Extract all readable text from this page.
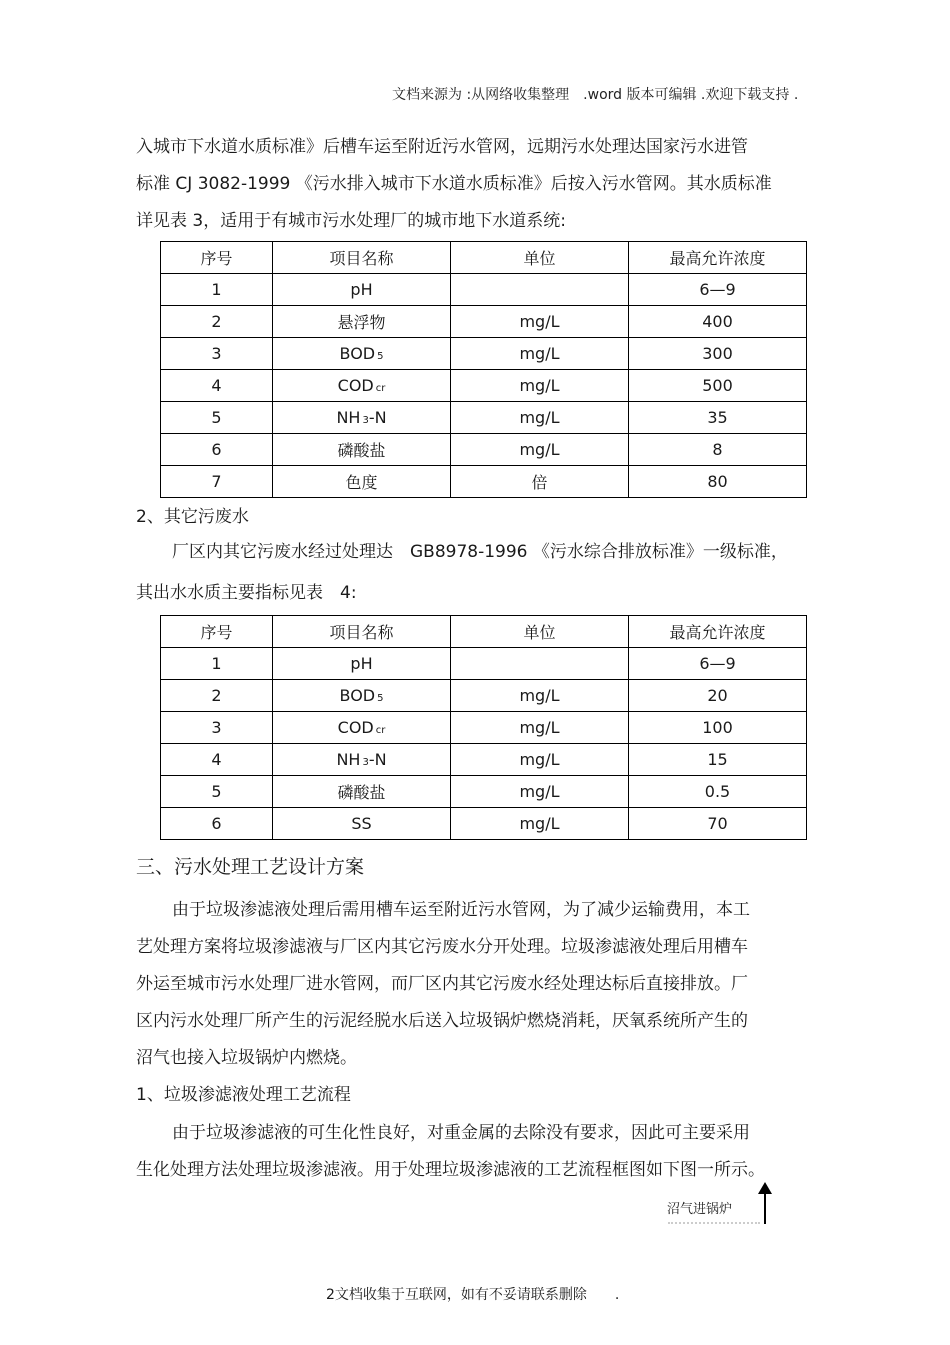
文档来源为 :从网络收集整理　.word 版本可编辑 .欢迎下载支持 .
入城市下水道水质标准》后槽车运至附近污水管网，远期污水处理达国家污水进管
标准 CJ 3082-1999 《污水排入城市下水道水质标准》后按入污水管网。其水质标准
详见表 3，适用于有城市污水处理厂的城市地下水道系统:
序号	项目名称	单位	最高允许浓度
1	pH		6—9
2	悬浮物	mg/L	400
3	BOD 5	mg/L	300
4	COD cr	mg/L	500
5	NH 3-N	mg/L	35
6	磷酸盐	mg/L	8
7	色度	倍	80
2、其它污废水
厂区内其它污废水经过处理达　GB8978-1996 《污水综合排放标准》一级标准，
其出水水质主要指标见表　4:
序号	项目名称	单位	最高允许浓度
1	pH		6—9
2	BOD 5	mg/L	20
3	COD cr	mg/L	100
4	NH 3-N	mg/L	15
5	磷酸盐	mg/L	0.5
6	SS	mg/L	70
三、污水处理工艺设计方案
由于垃圾渗滤液处理后需用槽车运至附近污水管网，为了减少运输费用，本工
艺处理方案将垃圾渗滤液与厂区内其它污废水分开处理。垃圾渗滤液处理后用槽车
外运至城市污水处理厂进水管网，而厂区内其它污废水经处理达标后直接排放。厂
区内污水处理厂所产生的污泥经脱水后送入垃圾锅炉燃烧消耗，厌氧系统所产生的
沼气也接入垃圾锅炉内燃烧。
1、垃圾渗滤液处理工艺流程
由于垃圾渗滤液的可生化性良好，对重金属的去除没有要求，因此可主要采用
生化处理方法处理垃圾渗滤液。用于处理垃圾渗滤液的工艺流程框图如下图一所示。
沼气进锅炉
2文档收集于互联网，如有不妥请联系删除　　.
